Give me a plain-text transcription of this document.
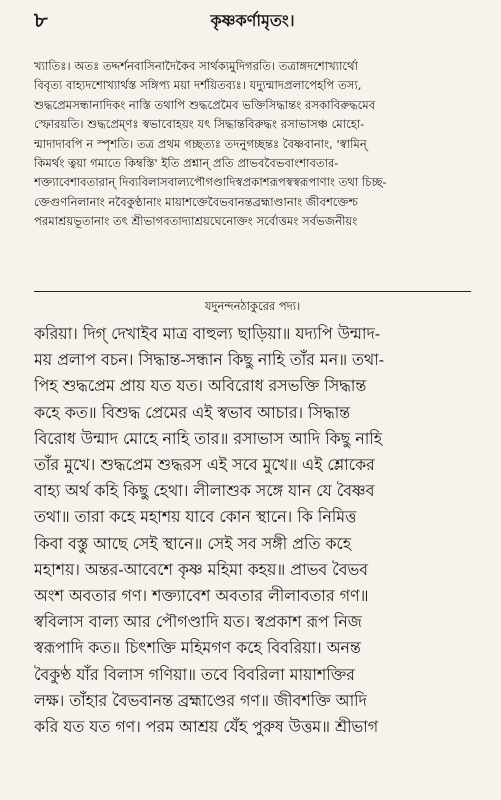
৮	কৃষ্ণকর্ণামৃতং।
খ্যাতিঃ। অতঃ তদ্দর্শনবাসিনাদৈকৈব সার্থক্যমুদিগরতি। তত্রাঙ্গদশোখ্যার্থো
বিবৃত্য বাহ্যদশোখ্যার্থস্ত সঙ্গিপ্য ময়া দর্শয়িতব্যঃ। যদ্যুন্মাদপ্রলাপেহপি তস্য,
শুদ্ধপ্রেমসন্ধানাদিকং নাস্তি তথাপি শুদ্ধপ্রেমৈব ভক্তিসিদ্ধান্তং রসকাবিরুদ্ধমেব
স্ফোরয়তি। শুদ্ধপ্রেম্ণঃ স্বভাবোহয়ং যৎ সিদ্ধান্তবিরুদ্ধং রসাভাসঞ্চ মোহো-
ন্মাদাদাবপি ন স্পৃশতি। তত্র প্রথম গচ্ছত্যঃ তদনুগচ্ছন্তঃ বৈষ্ণবানাং, 'স্বামিন্
কিমর্থং ত্বয়া গমাতে কিম্বস্তি' ইতি প্রশ্নান্ প্রতি প্রাভববৈভবাংশাবতার-
শক্ত্যাবেশাবতারান্ দিব্যবিলাসবাল্যপৌগণ্ডাদিস্বপ্রকাশরূপস্বস্বরূপাণাং তথা চিচ্ছ-
ক্তেগুণনিলানাং নবৈকুণ্ঠানাং মায়াশক্তেবৈভবানন্তব্রহ্মাণ্ডানাং জীবশক্তেশ্চ
পরমাশ্রয়ভূতানাং তৎ শ্রীভাগবতাদ্যাশ্রয়ঘেনোক্তং সর্বোত্তমং সর্বভজনীয়ং
যদুনন্দনঠাকুরের পদ্য।
করিয়া। দিগ্‌ দেখাইব মাত্র বাহুল্য ছাড়িয়া॥ যদ্যপি উন্মাদ-
ময় প্রলাপ বচন। সিদ্ধান্ত-সন্ধান কিছু নাহি তাঁর মন॥ তথা-
পিহ শুদ্ধপ্রেম প্রায় যত যত। অবিরোধ রসভক্তি সিদ্ধান্ত
কহে কত॥ বিশুদ্ধ প্রেমের এই স্বভাব আচার। সিদ্ধান্ত
বিরোধ উন্মাদ মোহে নাহি তার॥ রসাভাস আদি কিছু নাহি
তাঁর মুখে। শুদ্ধপ্রেম শুদ্ধরস এই সবে মুখে॥ এই শ্লোকের
বাহ্য অর্থ কহি কিছু হেথা। লীলাশুক সঙ্গে যান যে বৈষ্ণব
তথা॥ তারা কহে মহাশয় যাবে কোন স্থানে। কি নিমিত্ত
কিবা বস্তু আছে সেই স্থানে॥ সেই সব সঙ্গী প্রতি কহে
মহাশয়। অন্তর-আবেশে কৃষ্ণ মহিমা কহয়॥ প্রাভব বৈভব
অংশ অবতার গণ। শক্ত্যাবেশ অবতার লীলাবতার গণ॥
স্ববিলাস বাল্য আর পৌগণ্ডাদি যত। স্বপ্রকাশ রূপ নিজ
স্বরূপাদি কত॥ চিৎশক্তি মহিমগণ কহে বিবরিয়া। অনন্ত
বৈকুণ্ঠ যাঁর বিলাস গণিয়া॥ তবে বিবরিলা মায়াশক্তির
লক্ষ। তাঁহার বৈভবানন্ত ব্রহ্মাণ্ডের গণ॥ জীবশক্তি আদি
করি যত যত গণ। পরম আশ্রয় যেঁহ পুরুষ উত্তম॥ শ্রীভাগ
